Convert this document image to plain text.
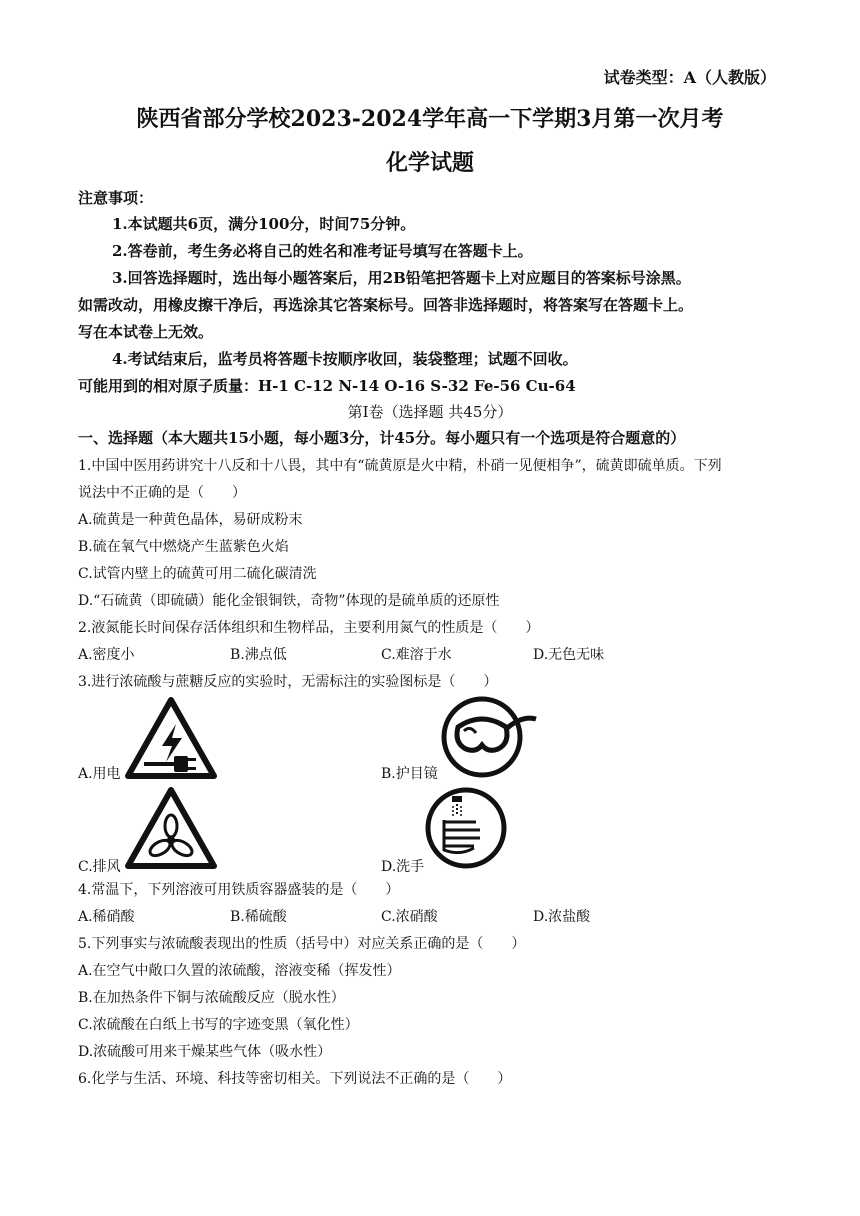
试卷类型：A（人教版）
陕西省部分学校2023-2024学年高一下学期3月第一次月考
化学试题
注意事项：
1.本试题共6页，满分100分，时间75分钟。
2.答卷前，考生务必将自己的姓名和准考证号填写在答题卡上。
3.回答选择题时，选出每小题答案后，用2B铅笔把答题卡上对应题目的答案标号涂黑。
如需改动，用橡皮擦干净后，再选涂其它答案标号。回答非选择题时，将答案写在答题卡上。
写在本试卷上无效。
4.考试结束后，监考员将答题卡按顺序收回，装袋整理；试题不回收。
可能用到的相对原子质量：H-1 C-12 N-14 O-16 S-32 Fe-56 Cu-64
第Ⅰ卷（选择题 共45分）
一、选择题（本大题共15小题，每小题3分，计45分。每小题只有一个选项是符合题意的）
1.中国中医用药讲究十八反和十八畏，其中有“硫黄原是火中精，朴硝一见便相争”，硫黄即硫单质。下列
说法中不正确的是（　　）
A.硫黄是一种黄色晶体，易研成粉末
B.硫在氧气中燃烧产生蓝紫色火焰
C.试管内壁上的硫黄可用二硫化碳清洗
D.“石硫黄（即硫磺）能化金银铜铁，奇物”体现的是硫单质的还原性
2.液氮能长时间保存活体组织和生物样品，主要利用氮气的性质是（　　）
A.密度小	B.沸点低	C.难溶于水	D.无色无味
3.进行浓硫酸与蔗糖反应的实验时，无需标注的实验图标是（　　）
A.用电	B.护目镜
C.排风	D.洗手
4.常温下，下列溶液可用铁质容器盛装的是（　　）
A.稀硝酸	B.稀硫酸	C.浓硝酸	D.浓盐酸
5.下列事实与浓硫酸表现出的性质（括号中）对应关系正确的是（　　）
A.在空气中敞口久置的浓硫酸，溶液变稀（挥发性）
B.在加热条件下铜与浓硫酸反应（脱水性）
C.浓硫酸在白纸上书写的字迹变黑（氧化性）
D.浓硫酸可用来干燥某些气体（吸水性）
6.化学与生活、环境、科技等密切相关。下列说法不正确的是（　　）
